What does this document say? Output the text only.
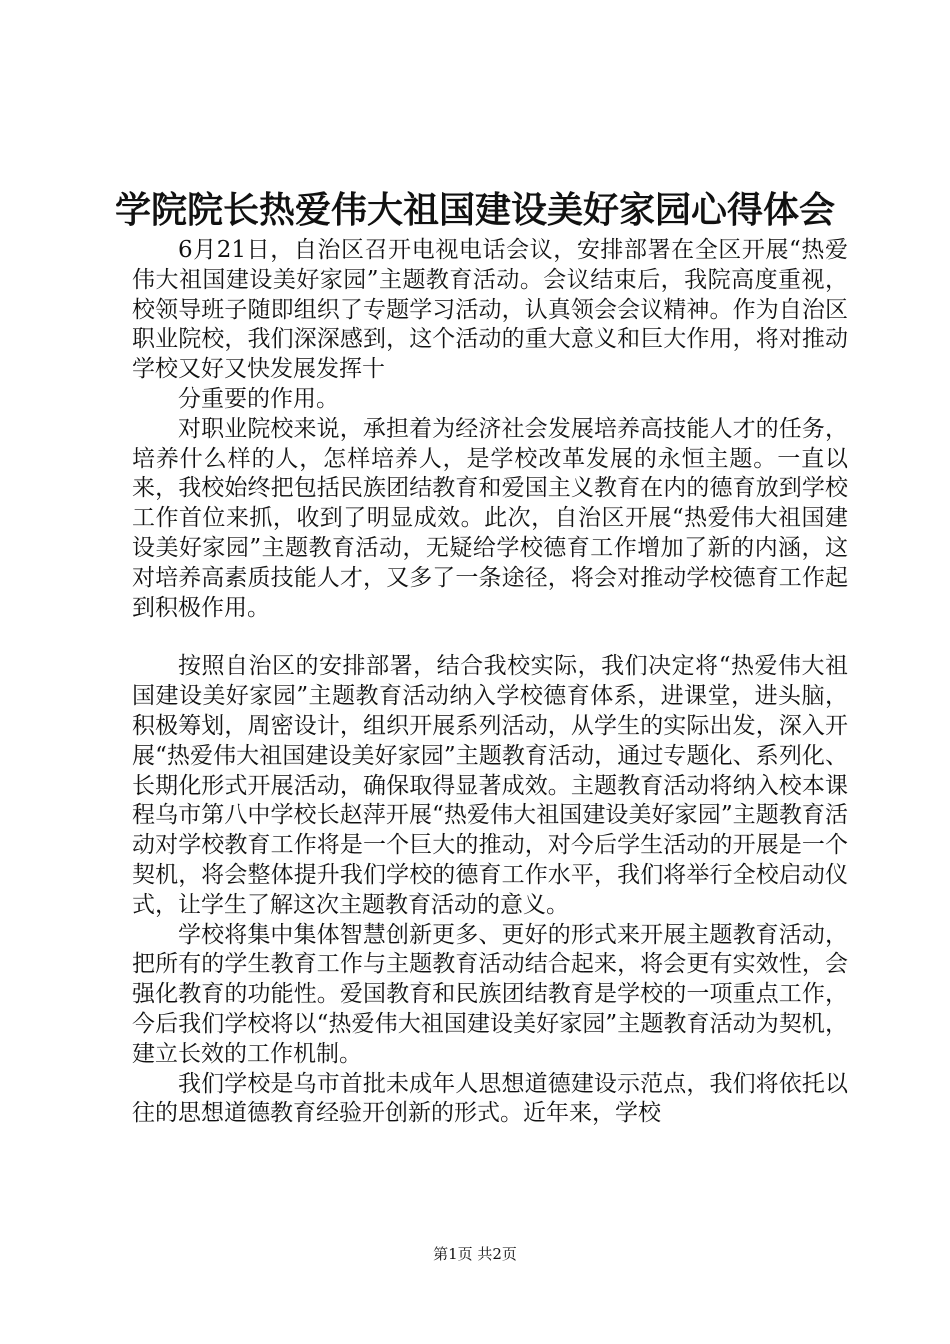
学院院长热爱伟大祖国建设美好家园心得体会

6月21日，自治区召开电视电话会议，安排部署在全区开展“热爱伟大祖国建设美好家园”主题教育活动。会议结束后，我院高度重视，校领导班子随即组织了专题学习活动，认真领会会议精神。作为自治区职业院校，我们深深感到，这个活动的重大意义和巨大作用，将对推动学校又好又快发展发挥十

分重要的作用。

对职业院校来说，承担着为经济社会发展培养高技能人才的任务，培养什么样的人，怎样培养人，是学校改革发展的永恒主题。一直以来，我校始终把包括民族团结教育和爱国主义教育在内的德育放到学校工作首位来抓，收到了明显成效。此次，自治区开展“热爱伟大祖国建设美好家园”主题教育活动，无疑给学校德育工作增加了新的内涵，这对培养高素质技能人才，又多了一条途径，将会对推动学校德育工作起到积极作用。

按照自治区的安排部署，结合我校实际，我们决定将“热爱伟大祖国建设美好家园”主题教育活动纳入学校德育体系，进课堂，进头脑，积极筹划，周密设计，组织开展系列活动，从学生的实际出发，深入开展“热爱伟大祖国建设美好家园”主题教育活动，通过专题化、系列化、长期化形式开展活动，确保取得显著成效。主题教育活动将纳入校本课程乌市第八中学校长赵萍开展“热爱伟大祖国建设美好家园”主题教育活动对学校教育工作将是一个巨大的推动，对今后学生活动的开展是一个契机，将会整体提升我们学校的德育工作水平，我们将举行全校启动仪式，让学生了解这次主题教育活动的意义。

学校将集中集体智慧创新更多、更好的形式来开展主题教育活动，把所有的学生教育工作与主题教育活动结合起来，将会更有实效性，会强化教育的功能性。爱国教育和民族团结教育是学校的一项重点工作，今后我们学校将以“热爱伟大祖国建设美好家园”主题教育活动为契机，建立长效的工作机制。

我们学校是乌市首批未成年人思想道德建设示范点，我们将依托以往的思想道德教育经验开创新的形式。近年来，学校

第1页 共2页
